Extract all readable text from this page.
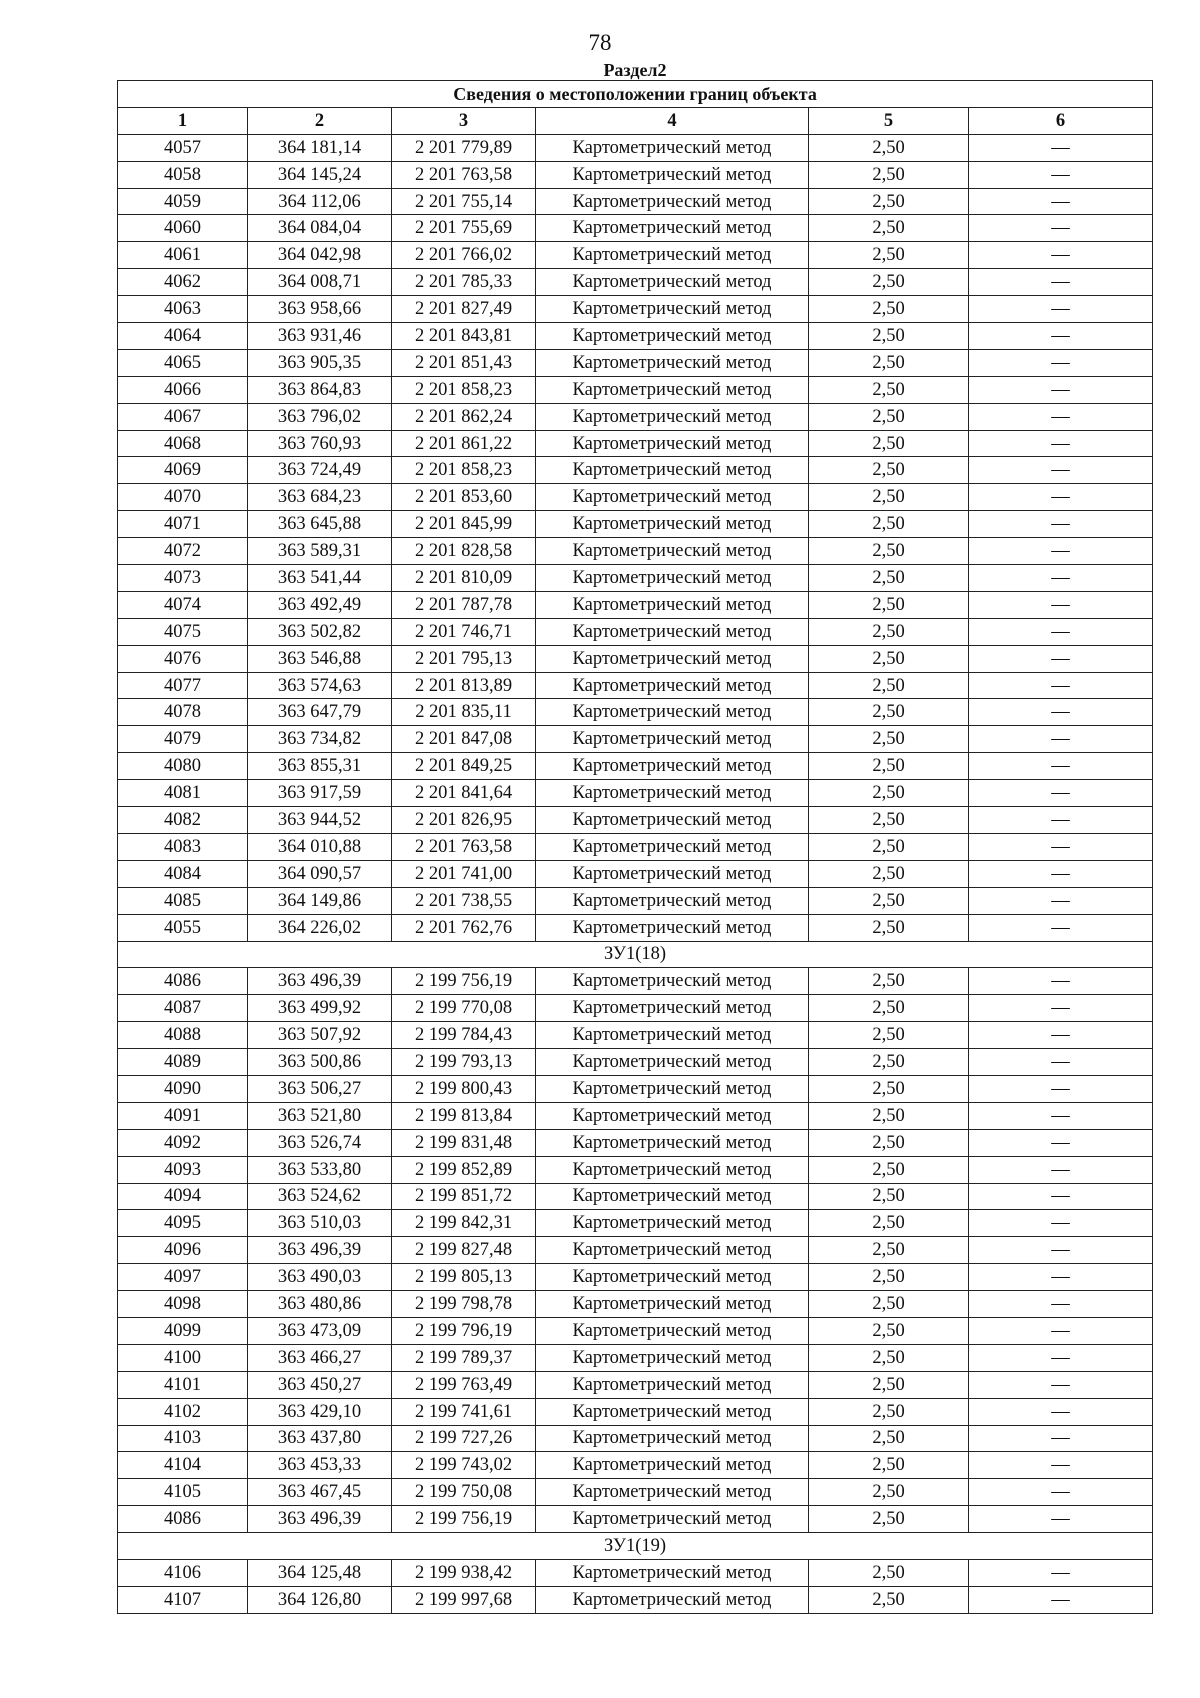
78
Раздел2
Сведения о местоположении границ объекта					
1	2	3	4	5	6
4057	364 181,14	2 201 779,89	Картометрический метод	2,50	—
4058	364 145,24	2 201 763,58	Картометрический метод	2,50	—
4059	364 112,06	2 201 755,14	Картометрический метод	2,50	—
4060	364 084,04	2 201 755,69	Картометрический метод	2,50	—
4061	364 042,98	2 201 766,02	Картометрический метод	2,50	—
4062	364 008,71	2 201 785,33	Картометрический метод	2,50	—
4063	363 958,66	2 201 827,49	Картометрический метод	2,50	—
4064	363 931,46	2 201 843,81	Картометрический метод	2,50	—
4065	363 905,35	2 201 851,43	Картометрический метод	2,50	—
4066	363 864,83	2 201 858,23	Картометрический метод	2,50	—
4067	363 796,02	2 201 862,24	Картометрический метод	2,50	—
4068	363 760,93	2 201 861,22	Картометрический метод	2,50	—
4069	363 724,49	2 201 858,23	Картометрический метод	2,50	—
4070	363 684,23	2 201 853,60	Картометрический метод	2,50	—
4071	363 645,88	2 201 845,99	Картометрический метод	2,50	—
4072	363 589,31	2 201 828,58	Картометрический метод	2,50	—
4073	363 541,44	2 201 810,09	Картометрический метод	2,50	—
4074	363 492,49	2 201 787,78	Картометрический метод	2,50	—
4075	363 502,82	2 201 746,71	Картометрический метод	2,50	—
4076	363 546,88	2 201 795,13	Картометрический метод	2,50	—
4077	363 574,63	2 201 813,89	Картометрический метод	2,50	—
4078	363 647,79	2 201 835,11	Картометрический метод	2,50	—
4079	363 734,82	2 201 847,08	Картометрический метод	2,50	—
4080	363 855,31	2 201 849,25	Картометрический метод	2,50	—
4081	363 917,59	2 201 841,64	Картометрический метод	2,50	—
4082	363 944,52	2 201 826,95	Картометрический метод	2,50	—
4083	364 010,88	2 201 763,58	Картометрический метод	2,50	—
4084	364 090,57	2 201 741,00	Картометрический метод	2,50	—
4085	364 149,86	2 201 738,55	Картометрический метод	2,50	—
4055	364 226,02	2 201 762,76	Картометрический метод	2,50	—
ЗУ1(18)					
4086	363 496,39	2 199 756,19	Картометрический метод	2,50	—
4087	363 499,92	2 199 770,08	Картометрический метод	2,50	—
4088	363 507,92	2 199 784,43	Картометрический метод	2,50	—
4089	363 500,86	2 199 793,13	Картометрический метод	2,50	—
4090	363 506,27	2 199 800,43	Картометрический метод	2,50	—
4091	363 521,80	2 199 813,84	Картометрический метод	2,50	—
4092	363 526,74	2 199 831,48	Картометрический метод	2,50	—
4093	363 533,80	2 199 852,89	Картометрический метод	2,50	—
4094	363 524,62	2 199 851,72	Картометрический метод	2,50	—
4095	363 510,03	2 199 842,31	Картометрический метод	2,50	—
4096	363 496,39	2 199 827,48	Картометрический метод	2,50	—
4097	363 490,03	2 199 805,13	Картометрический метод	2,50	—
4098	363 480,86	2 199 798,78	Картометрический метод	2,50	—
4099	363 473,09	2 199 796,19	Картометрический метод	2,50	—
4100	363 466,27	2 199 789,37	Картометрический метод	2,50	—
4101	363 450,27	2 199 763,49	Картометрический метод	2,50	—
4102	363 429,10	2 199 741,61	Картометрический метод	2,50	—
4103	363 437,80	2 199 727,26	Картометрический метод	2,50	—
4104	363 453,33	2 199 743,02	Картометрический метод	2,50	—
4105	363 467,45	2 199 750,08	Картометрический метод	2,50	—
4086	363 496,39	2 199 756,19	Картометрический метод	2,50	—
ЗУ1(19)					
4106	364 125,48	2 199 938,42	Картометрический метод	2,50	—
4107	364 126,80	2 199 997,68	Картометрический метод	2,50	—
